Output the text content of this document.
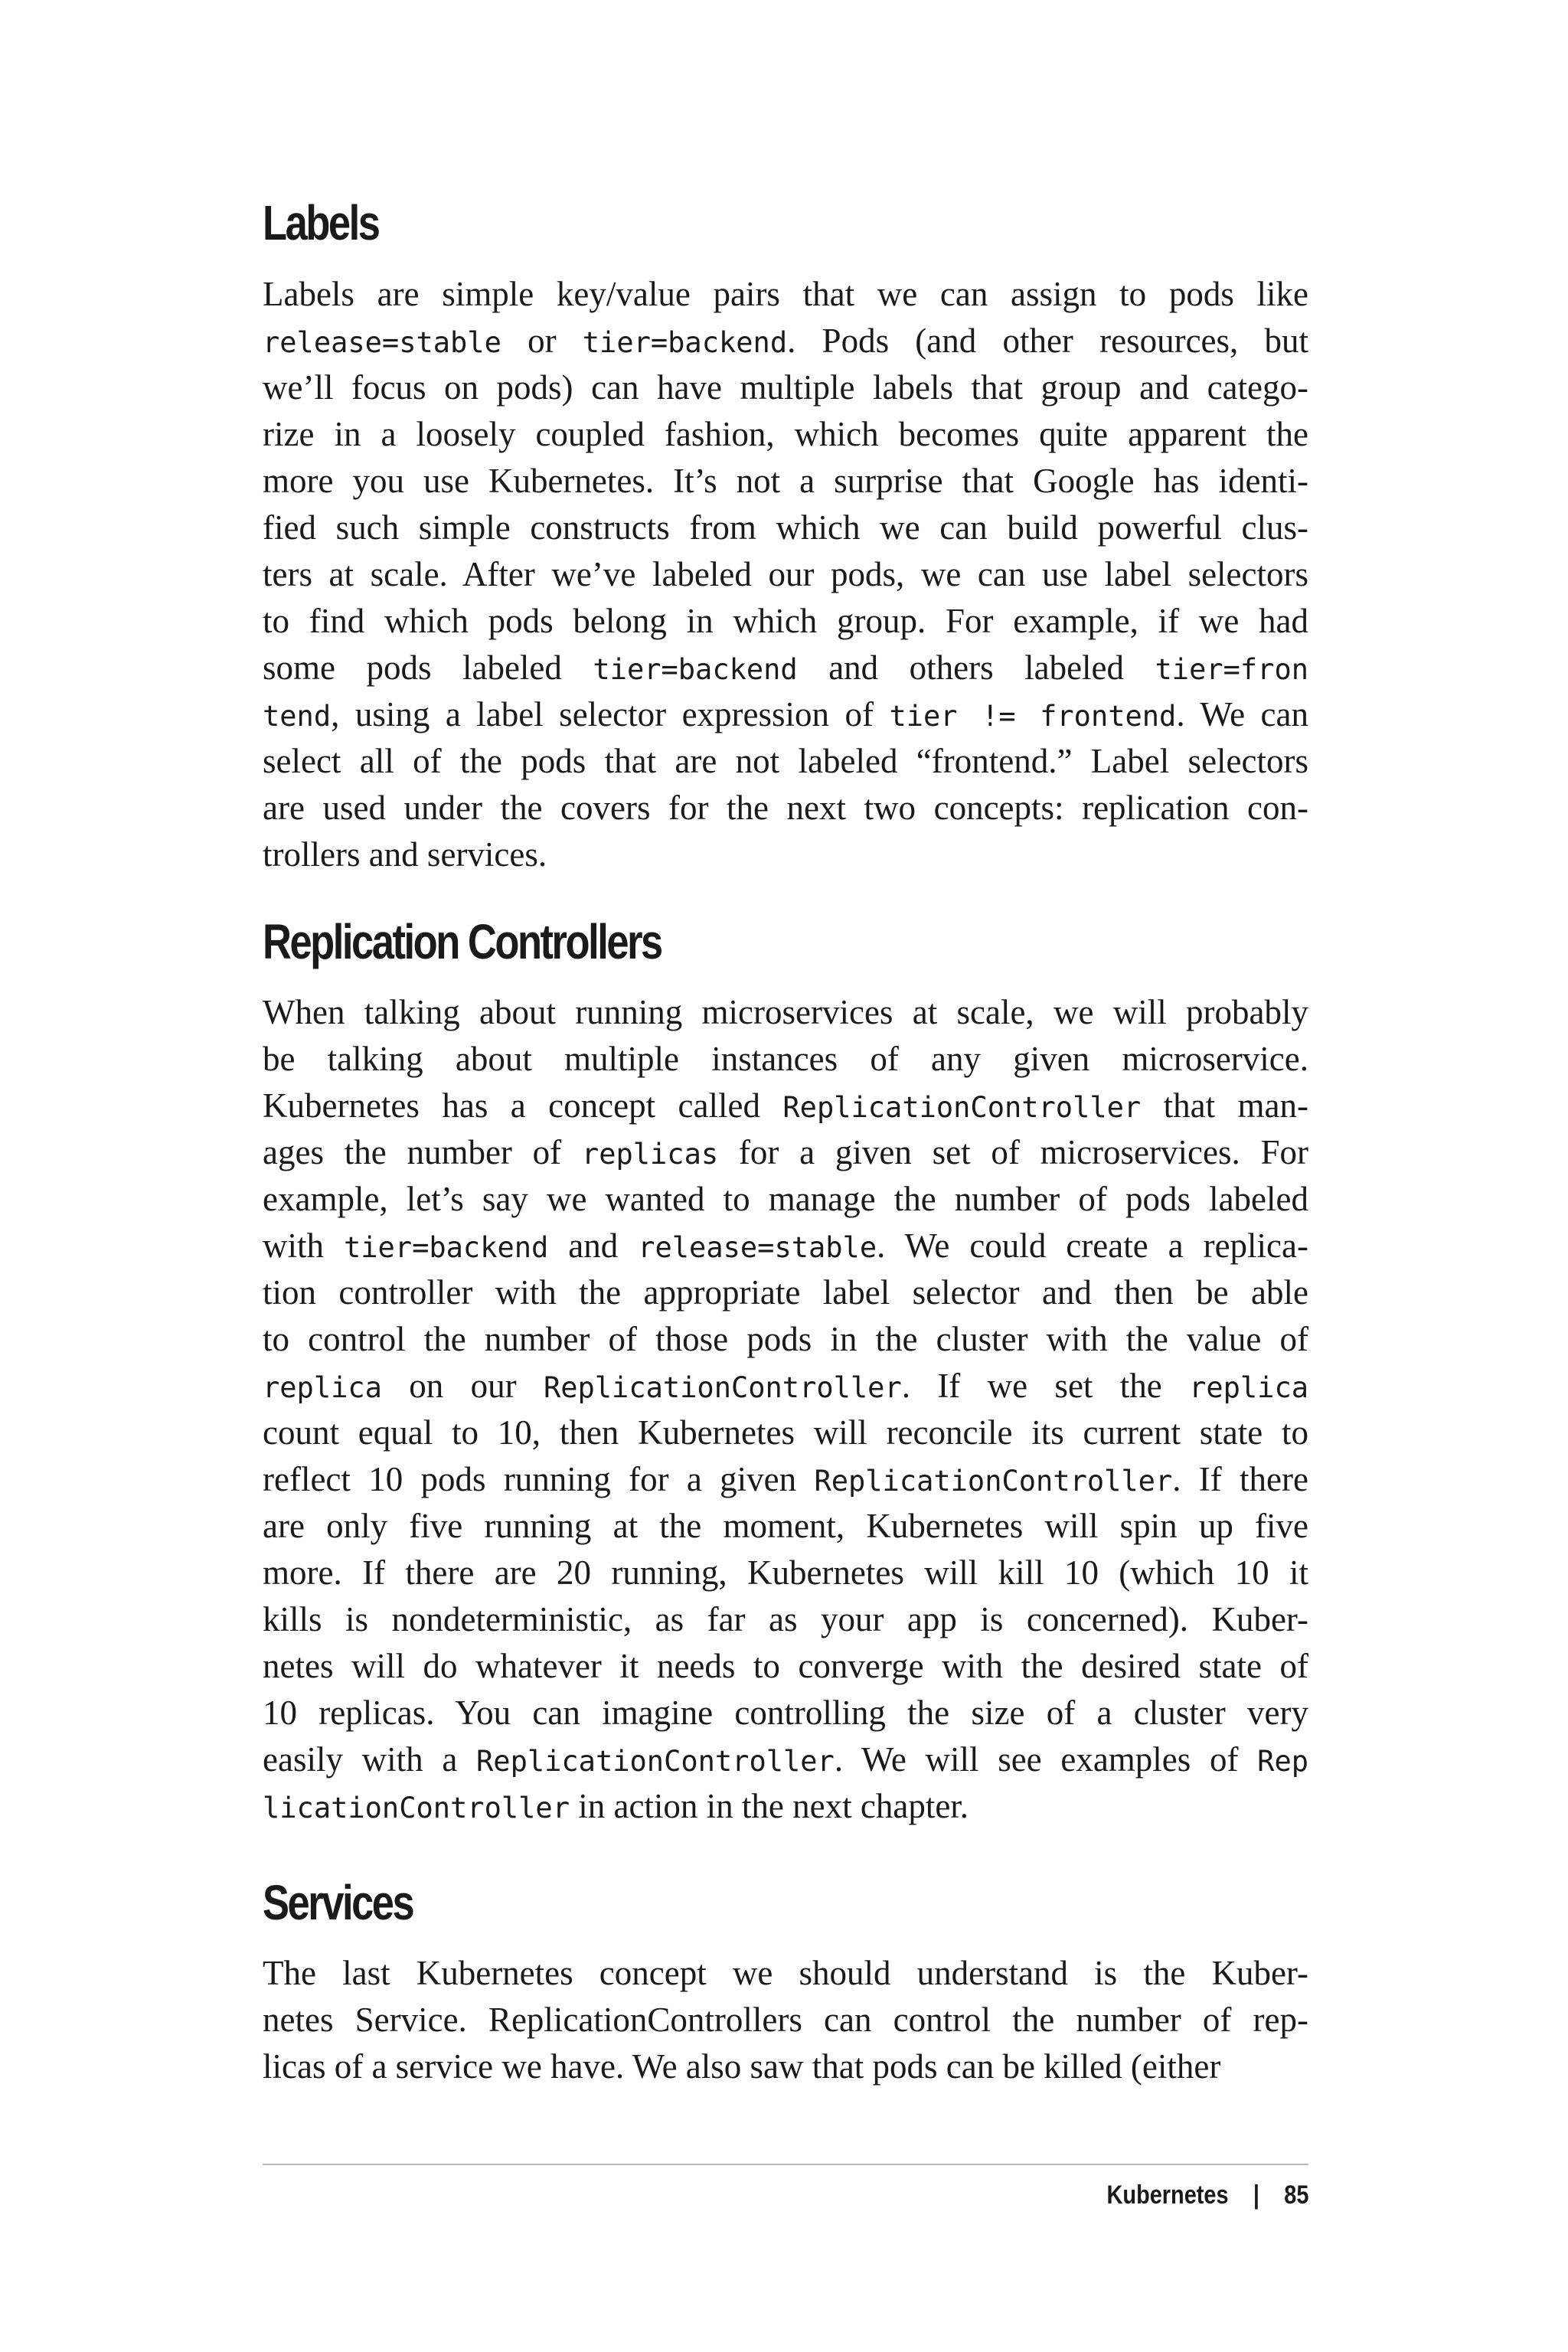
Labels
Labels are simple key/value pairs that we can assign to pods like
release=stable or tier=backend. Pods (and other resources, but
we’ll focus on pods) can have multiple labels that group and catego-
rize in a loosely coupled fashion, which becomes quite apparent the
more you use Kubernetes. It’s not a surprise that Google has identi-
fied such simple constructs from which we can build powerful clus-
ters at scale. After we’ve labeled our pods, we can use label selectors
to find which pods belong in which group. For example, if we had
some pods labeled tier=backend and others labeled tier=fron
tend, using a label selector expression of tier != frontend. We can
select all of the pods that are not labeled “frontend.” Label selectors
are used under the covers for the next two concepts: replication con-
trollers and services.
Replication Controllers
When talking about running microservices at scale, we will probably
be talking about multiple instances of any given microservice.
Kubernetes has a concept called ReplicationController that man-
ages the number of replicas for a given set of microservices. For
example, let’s say we wanted to manage the number of pods labeled
with tier=backend and release=stable. We could create a replica-
tion controller with the appropriate label selector and then be able
to control the number of those pods in the cluster with the value of
replica on our ReplicationController. If we set the replica
count equal to 10, then Kubernetes will reconcile its current state to
reflect 10 pods running for a given ReplicationController. If there
are only five running at the moment, Kubernetes will spin up five
more. If there are 20 running, Kubernetes will kill 10 (which 10 it
kills is nondeterministic, as far as your app is concerned). Kuber-
netes will do whatever it needs to converge with the desired state of
10 replicas. You can imagine controlling the size of a cluster very
easily with a ReplicationController. We will see examples of Rep
licationController in action in the next chapter.
Services
The last Kubernetes concept we should understand is the Kuber-
netes Service. ReplicationControllers can control the number of rep-
licas of a service we have. We also saw that pods can be killed (either
Kubernetes | 85
